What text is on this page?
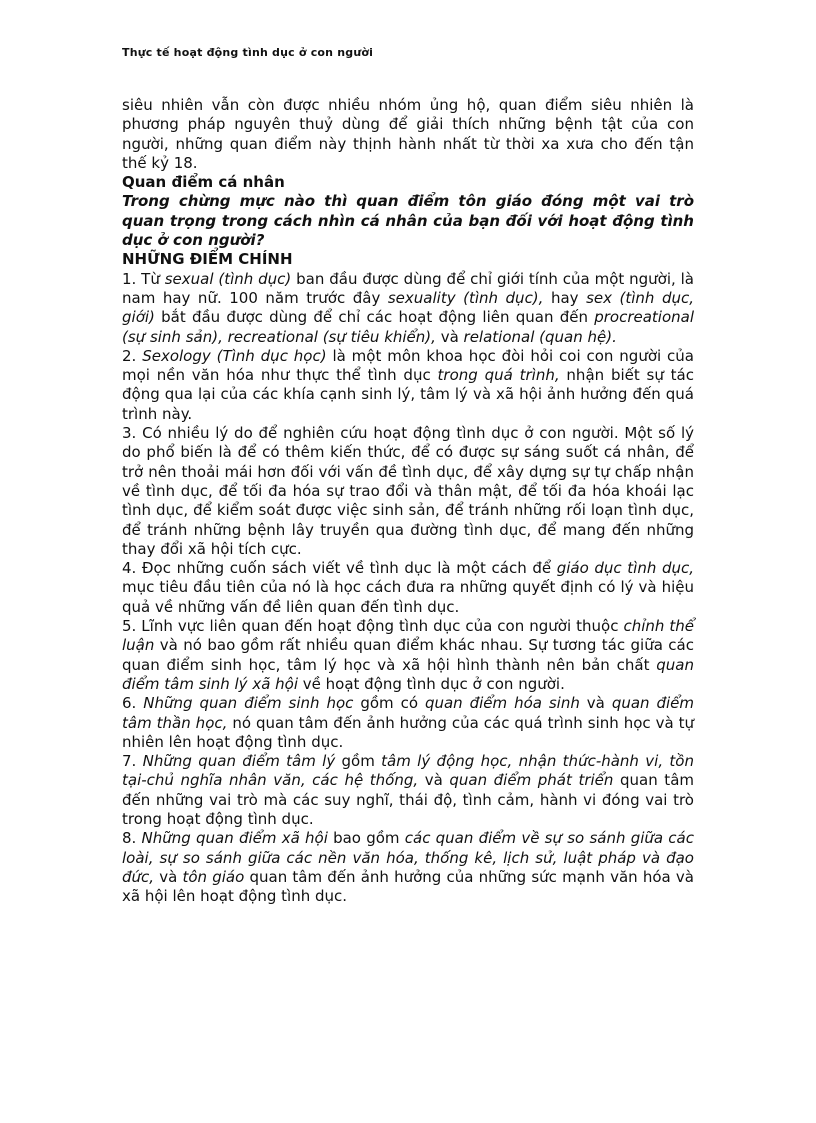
Thực tế hoạt động tình dục ở con người

siêu nhiên vẫn còn được nhiều nhóm ủng hộ, quan điểm siêu nhiên là phương pháp nguyên thuỷ dùng để giải thích những bệnh tật của con người, những quan điểm này thịnh hành nhất từ thời xa xưa cho đến tận thế kỷ 18.

Quan điểm cá nhân

Trong chừng mực nào thì quan điểm tôn giáo đóng một vai trò quan trọng trong cách nhìn cá nhân của bạn đối với hoạt động tình dục ở con người?

NHỮNG ĐIỂM CHÍNH

1. Từ sexual (tình dục) ban đầu được dùng để chỉ giới tính của một người, là nam hay nữ. 100 năm trước đây sexuality (tình dục), hay sex (tình dục, giới) bắt đầu được dùng để chỉ các hoạt động liên quan đến procreational (sự sinh sản), recreational (sự tiêu khiển), và relational (quan hệ).

2. Sexology (Tình dục học) là một môn khoa học đòi hỏi coi con người của mọi nền văn hóa như thực thể tình dục trong quá trình, nhận biết sự tác động qua lại của các khía cạnh sinh lý, tâm lý và xã hội ảnh hưởng đến quá trình này.

3. Có nhiều lý do để nghiên cứu hoạt động tình dục ở con người. Một số lý do phổ biến là để có thêm kiến thức, để có được sự sáng suốt cá nhân, để trở nên thoải mái hơn đối với vấn đề tình dục, để xây dựng sự tự chấp nhận về tình dục, để tối đa hóa sự trao đổi và thân mật, để tối đa hóa khoái lạc tình dục, để kiểm soát được việc sinh sản, để tránh những rối loạn tình dục, để tránh những bệnh lây truyền qua đường tình dục, để mang đến những thay đổi xã hội tích cực.

4. Đọc những cuốn sách viết về tình dục là một cách để giáo dục tình dục, mục tiêu đầu tiên của nó là học cách đưa ra những quyết định có lý và hiệu quả về những vấn đề liên quan đến tình dục.

5. Lĩnh vực liên quan đến hoạt động tình dục của con người thuộc chỉnh thể luận và nó bao gồm rất nhiều quan điểm khác nhau. Sự tương tác giữa các quan điểm sinh học, tâm lý học và xã hội hình thành nên bản chất quan điểm tâm sinh lý xã hội về hoạt động tình dục ở con người.

6. Những quan điểm sinh học gồm có quan điểm hóa sinh và quan điểm tâm thần học, nó quan tâm đến ảnh hưởng của các quá trình sinh học và tự nhiên lên hoạt động tình dục.

7. Những quan điểm tâm lý gồm tâm lý động học, nhận thức-hành vi, tồn tại-chủ nghĩa nhân văn, các hệ thống, và quan điểm phát triển quan tâm đến những vai trò mà các suy nghĩ, thái độ, tình cảm, hành vi đóng vai trò trong hoạt động tình dục.

8. Những quan điểm xã hội bao gồm các quan điểm về sự so sánh giữa các loài, sự so sánh giữa các nền văn hóa, thống kê, lịch sử, luật pháp và đạo đức, và tôn giáo quan tâm đến ảnh hưởng của những sức mạnh văn hóa và xã hội lên hoạt động tình dục.
